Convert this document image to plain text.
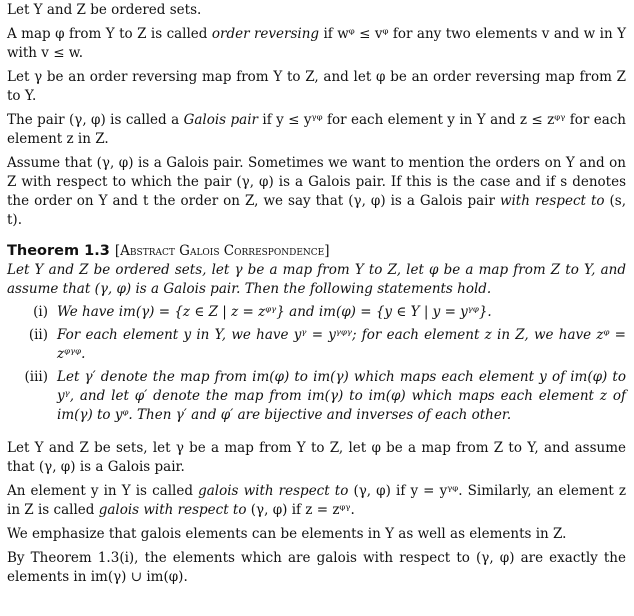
Let Y and Z be ordered sets.

A map φ from Y to Z is called order reversing if wᵠ ≤ vᵠ for any two elements v and w in Y with v ≤ w.

Let γ be an order reversing map from Y to Z, and let φ be an order reversing map from Z to Y.

The pair (γ, φ) is called a Galois pair if y ≤ yᵞᵠ for each element y in Y and z ≤ zᵠᵞ for each element z in Z.

Assume that (γ, φ) is a Galois pair. Sometimes we want to mention the orders on Y and on Z with respect to which the pair (γ, φ) is a Galois pair. If this is the case and if s denotes the order on Y and t the order on Z, we say that (γ, φ) is a Galois pair with respect to (s, t).

Theorem 1.3 [Abstract Galois Correspondence]

Let Y and Z be ordered sets, let γ be a map from Y to Z, let φ be a map from Z to Y, and assume that (γ, φ) is a Galois pair. Then the following statements hold.

(i) We have im(γ) = {z ∈ Z | z = zᵠᵞ} and im(φ) = {y ∈ Y | y = yᵞᵠ}.
(ii) For each element y in Y, we have yᵞ = yᵞᵠᵞ; for each element z in Z, we have zᵠ = zᵠᵞᵠ.
(iii) Let γ′ denote the map from im(φ) to im(γ) which maps each element y of im(φ) to yᵞ, and let φ′ denote the map from im(γ) to im(φ) which maps each element z of im(γ) to yᵠ. Then γ′ and φ′ are bijective and inverses of each other.

Let Y and Z be sets, let γ be a map from Y to Z, let φ be a map from Z to Y, and assume that (γ, φ) is a Galois pair.

An element y in Y is called galois with respect to (γ, φ) if y = yᵞᵠ. Similarly, an element z in Z is called galois with respect to (γ, φ) if z = zᵠᵞ.

We emphasize that galois elements can be elements in Y as well as elements in Z.

By Theorem 1.3(i), the elements which are galois with respect to (γ, φ) are exactly the elements in im(γ) ∪ im(φ).
